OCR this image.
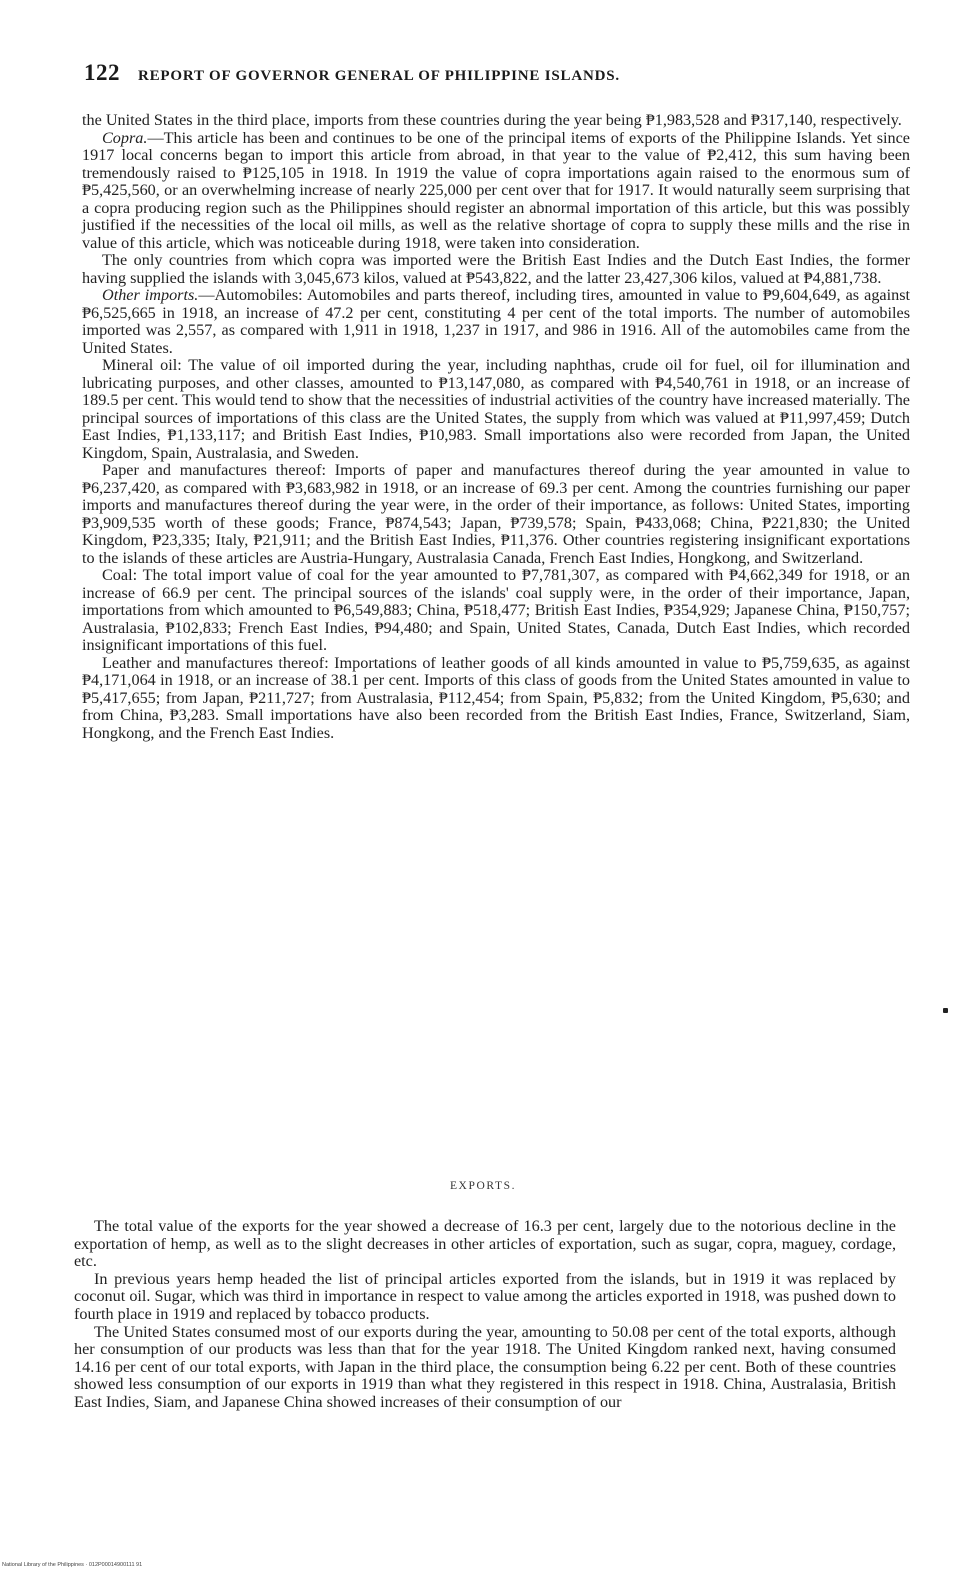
122 REPORT OF GOVERNOR GENERAL OF PHILIPPINE ISLANDS.

the United States in the third place, imports from these countries during the year being ₱1,983,528 and ₱317,140, respectively.

Copra.—This article has been and continues to be one of the principal items of exports of the Philippine Islands. Yet since 1917 local concerns began to import this article from abroad, in that year to the value of ₱2,412, this sum having been tremendously raised to ₱125,105 in 1918. In 1919 the value of copra importations again raised to the enormous sum of ₱5,425,560, or an overwhelming increase of nearly 225,000 per cent over that for 1917. It would naturally seem surprising that a copra producing region such as the Philippines should register an abnormal importation of this article, but this was possibly justified if the necessities of the local oil mills, as well as the relative shortage of copra to supply these mills and the rise in value of this article, which was noticeable during 1918, were taken into consideration.

The only countries from which copra was imported were the British East Indies and the Dutch East Indies, the former having supplied the islands with 3,045,673 kilos, valued at ₱543,822, and the latter 23,427,306 kilos, valued at ₱4,881,738.

Other imports.—Automobiles: Automobiles and parts thereof, including tires, amounted in value to ₱9,604,649, as against ₱6,525,665 in 1918, an increase of 47.2 per cent, constituting 4 per cent of the total imports. The number of automobiles imported was 2,557, as compared with 1,911 in 1918, 1,237 in 1917, and 986 in 1916. All of the automobiles came from the United States.

Mineral oil: The value of oil imported during the year, including naphthas, crude oil for fuel, oil for illumination and lubricating purposes, and other classes, amounted to ₱13,147,080, as compared with ₱4,540,761 in 1918, or an increase of 189.5 per cent. This would tend to show that the necessities of industrial activities of the country have increased materially. The principal sources of importations of this class are the United States, the supply from which was valued at ₱11,997,459; Dutch East Indies, ₱1,133,117; and British East Indies, ₱10,983. Small importations also were recorded from Japan, the United Kingdom, Spain, Australasia, and Sweden.

Paper and manufactures thereof: Imports of paper and manufactures thereof during the year amounted in value to ₱6,237,420, as compared with ₱3,683,982 in 1918, or an increase of 69.3 per cent. Among the countries furnishing our paper imports and manufactures thereof during the year were, in the order of their importance, as follows: United States, importing ₱3,909,535 worth of these goods; France, ₱874,543; Japan, ₱739,578; Spain, ₱433,068; China, ₱221,830; the United Kingdom, ₱23,335; Italy, ₱21,911; and the British East Indies, ₱11,376. Other countries registering insignificant exportations to the islands of these articles are Austria-Hungary, Australasia Canada, French East Indies, Hongkong, and Switzerland.

Coal: The total import value of coal for the year amounted to ₱7,781,307, as compared with ₱4,662,349 for 1918, or an increase of 66.9 per cent. The principal sources of the islands' coal supply were, in the order of their importance, Japan, importations from which amounted to ₱6,549,883; China, ₱518,477; British East Indies, ₱354,929; Japanese China, ₱150,757; Australasia, ₱102,833; French East Indies, ₱94,480; and Spain, United States, Canada, Dutch East Indies, which recorded insignificant importations of this fuel.

Leather and manufactures thereof: Importations of leather goods of all kinds amounted in value to ₱5,759,635, as against ₱4,171,064 in 1918, or an increase of 38.1 per cent. Imports of this class of goods from the United States amounted in value to ₱5,417,655; from Japan, ₱211,727; from Australasia, ₱112,454; from Spain, ₱5,832; from the United Kingdom, ₱5,630; and from China, ₱3,283. Small importations have also been recorded from the British East Indies, France, Switzerland, Siam, Hongkong, and the French East Indies.

EXPORTS.

The total value of the exports for the year showed a decrease of 16.3 per cent, largely due to the notorious decline in the exportation of hemp, as well as to the slight decreases in other articles of exportation, such as sugar, copra, maguey, cordage, etc.

In previous years hemp headed the list of principal articles exported from the islands, but in 1919 it was replaced by coconut oil. Sugar, which was third in importance in respect to value among the articles exported in 1918, was pushed down to fourth place in 1919 and replaced by tobacco products.

The United States consumed most of our exports during the year, amounting to 50.08 per cent of the total exports, although her consumption of our products was less than that for the year 1918. The United Kingdom ranked next, having consumed 14.16 per cent of our total exports, with Japan in the third place, the consumption being 6.22 per cent. Both of these countries showed less consumption of our exports in 1919 than what they registered in this respect in 1918. China, Australasia, British East Indies, Siam, and Japanese China showed increases of their consumption of our

National Library of the Philippines · 012P00014900111 91
